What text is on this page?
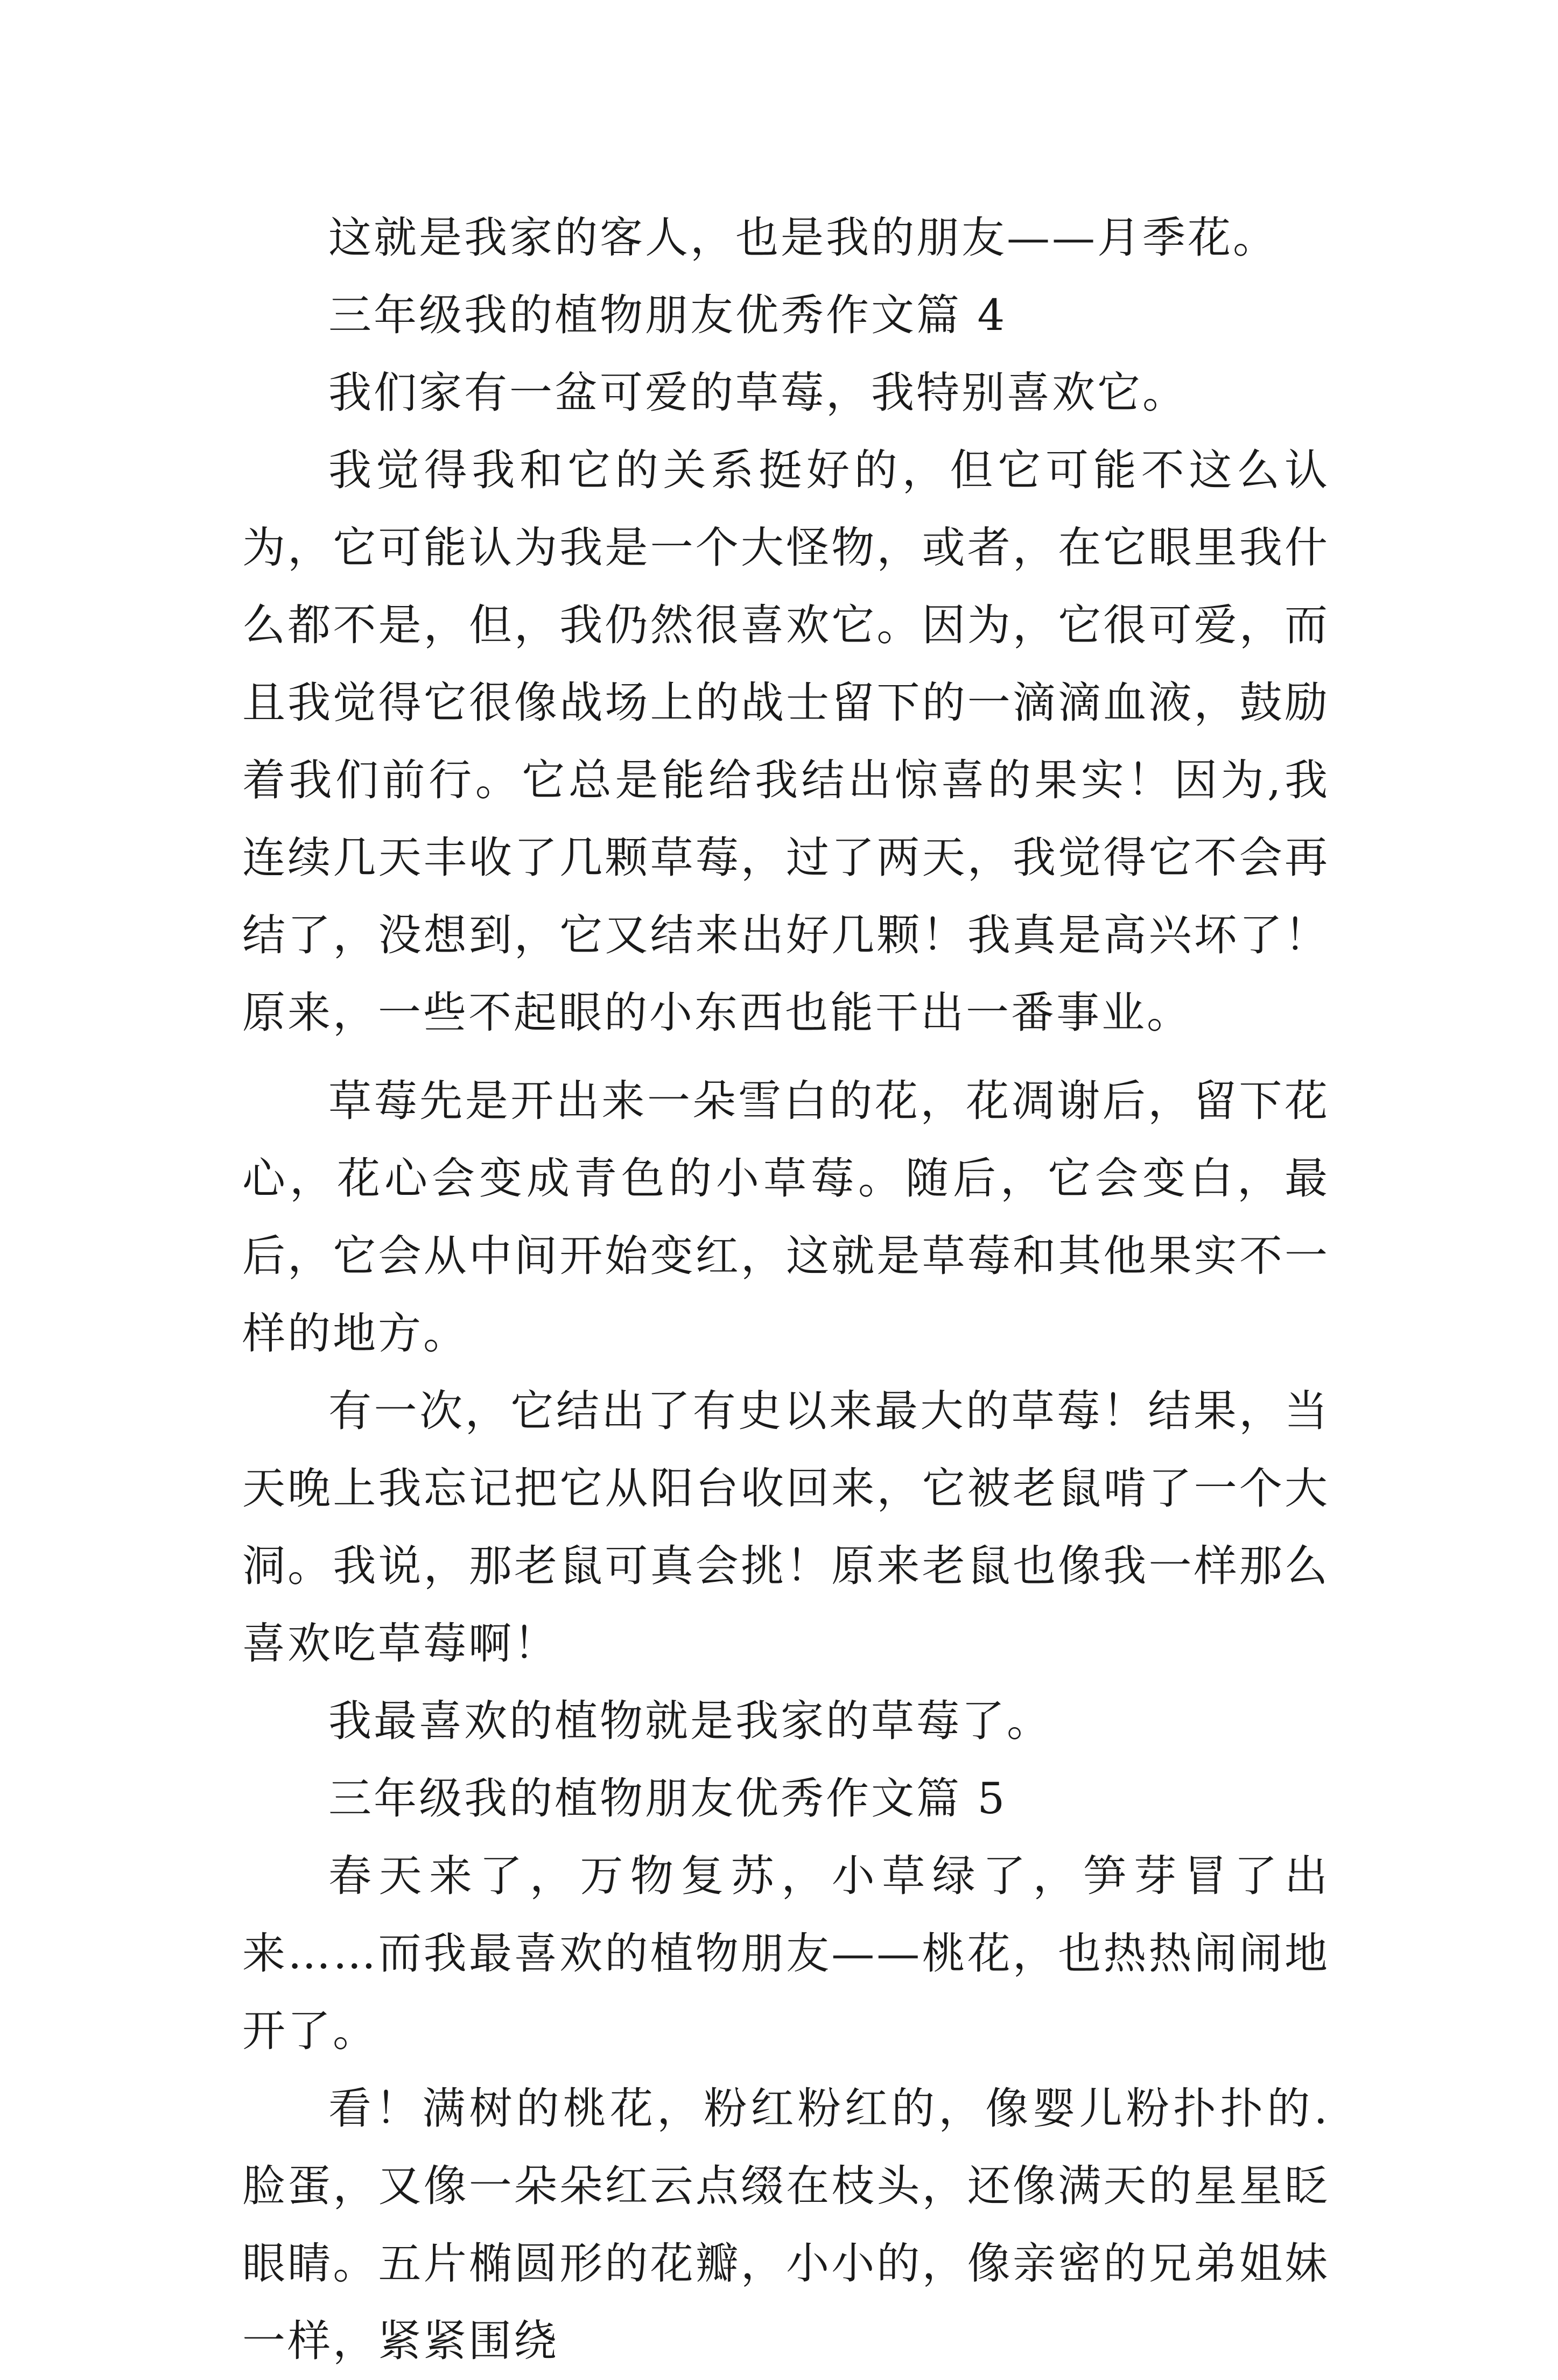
这就是我家的客人，也是我的朋友——月季花。

三年级我的植物朋友优秀作文篇 4

我们家有一盆可爱的草莓，我特别喜欢它。

我觉得我和它的关系挺好的，但它可能不这么认为，它可能认为我是一个大怪物，或者，在它眼里我什么都不是，但，我仍然很喜欢它。因为，它很可爱，而且我觉得它很像战场上的战士留下的一滴滴血液，鼓励着我们前行。它总是能给我结出惊喜的果实！因为,我连续几天丰收了几颗草莓，过了两天，我觉得它不会再结了，没想到，它又结来出好几颗！我真是高兴坏了！原来，一些不起眼的小东西也能干出一番事业。

草莓先是开出来一朵雪白的花，花凋谢后，留下花心，花心会变成青色的小草莓。随后，它会变白，最后，它会从中间开始变红，这就是草莓和其他果实不一样的地方。

有一次，它结出了有史以来最大的草莓！结果，当天晚上我忘记把它从阳台收回来，它被老鼠啃了一个大洞。我说，那老鼠可真会挑！原来老鼠也像我一样那么喜欢吃草莓啊！

我最喜欢的植物就是我家的草莓了。

三年级我的植物朋友优秀作文篇 5

春天来了，万物复苏，小草绿了，笋芽冒了出来……而我最喜欢的植物朋友——桃花，也热热闹闹地开了。

看！满树的桃花，粉红粉红的，像婴儿粉扑扑的.脸蛋，又像一朵朵红云点缀在枝头，还像满天的星星眨眼睛。五片椭圆形的花瓣，小小的，像亲密的兄弟姐妹一样，紧紧围绕
